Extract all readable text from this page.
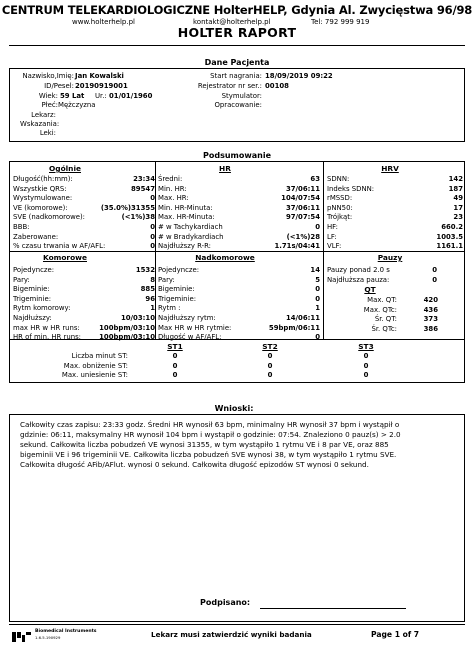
CENTRUM TELEKARDIOLOGICZNE HolterHELP, Gdynia Al. Zwycięstwa 96/98
www.holterhelp.pl	kontakt@holterhelp.pl	Tel: 792 999 919
HOLTER RAPORT
Dane Pacjenta
Nazwisko,Imię: Jan Kowalski
ID/Pesel: 20190919001
Wiek: 59 Lat Ur.: 01/01/1960
Płeć: Mężczyzna
Lekarz:
Wskazania:
Leki:
Start nagrania: 18/09/2019 09:22
Rejestrator nr ser.: 00108
Stymulator:
Opracowanie:
Podsumowanie
Ogólnie
Długość(hh:mm):	23:34
Wszystkie QRS:	89547
Wystymulowane:	0
VE (komorowe):	(35.0%)31355
SVE (nadkomorowe):	(<1%)38
BBB:	0
Zaberowane:	0
% czasu trwania w AF/AFL:	0
HR
Średni:	63
Min. HR:	37/06:11
Max. HR:	104/07:54
Min. HR-Minuta:	37/06:11
Max. HR-Minuta:	97/07:54
# w Tachykardiach	0
# w Bradykardiach	(<1%)28
Najdłuższy R-R:	1.71s/04:41
HRV
SDNN:	142
Indeks SDNN:	187
rMSSD:	49
pNN50:	17
Trójkąt:	23
HF:	660.2
LF:	1003.5
VLF:	1161.1
Komorowe
Pojedyncze:	1532
Pary:	8
Bigeminie:	885
Trigeminie:	96
Rytm komorowy:	1
Najdłuższy:	10/03:10
max HR w HR runs:	100bpm/03:10
HR of min. HR runs:	100bpm/03:10
Nadkomorowe
Pojedyncze:	14
Pary:	5
Bigeminie:	0
Trigeminie:	0
Rytm :	1
Najdłuższy rytm:	14/06:11
Max HR w HR rytmie:	59bpm/06:11
Długość w AF/AFL:	0
Pauzy
Pauzy ponad 2.0 s	0
Najdłuższa pauza:	0
QT
Max. QT:	420
Max. QTc:	436
Śr. QT:	373
Śr. QTc:	386
ST1	ST2	ST3
Liczba minut ST:	0	0	0
Max. obniżenie ST:	0	0	0
Max. uniesienie ST:	0	0	0
Wnioski:
Całkowity czas zapisu: 23:33 godz. Średni HR wynosił 63 bpm, minimalny HR wynosił 37 bpm i wystąpił o
gdzinie: 06:11, maksymalny HR wynosił 104 bpm i wystąpił o godzinie: 07:54. Znaleziono 0 pauz(s) > 2.0
sekund. Całkowita liczba pobudzeń VE wynosi 31355, w tym wystąpiło 1 rytmu VE i 8 par VE, oraz 885
bigeminii VE i 96 trigeminii VE. Całkowita liczba pobudzeń SVE wynosi 38, w tym wystąpiło 1 rytmu SVE.
Całkowita długość AFib/AFlut. wynosi 0 sekund. Całkowita długość epizodów ST wynosi 0 sekund.
Podpisano:
Biomedical Instruments
1.6.5.190929	Lekarz musi zatwierdzić wyniki badania	Page 1 of 7
